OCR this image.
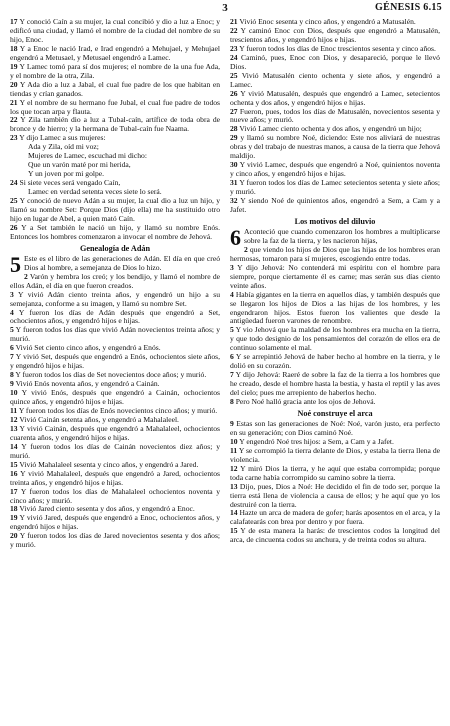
3	GÉNESIS 6.15

17 Y conoció Caín a su mujer, la cual concibió y dio a luz a Enoc; y edificó una ciudad, y llamó el nombre de la ciudad del nombre de su hijo, Enoc.

18 Y a Enoc le nació Irad, e Irad engendró a Mehujael, y Mehujael engendró a Metusael, y Metusael engendró a Lamec.

19 Y Lamec tomó para sí dos mujeres; el nombre de la una fue Ada, y el nombre de la otra, Zila.

20 Y Ada dio a luz a Jabal, el cual fue padre de los que habitan en tiendas y crían ganados.

21 Y el nombre de su hermano fue Jubal, el cual fue padre de todos los que tocan arpa y flauta.

22 Y Zila también dio a luz a Tubal-caín, artífice de toda obra de bronce y de hierro; y la hermana de Tubal-caín fue Naama.

23 Y dijo Lamec a sus mujeres:

Ada y Zila, oíd mi voz;
Mujeres de Lamec, escuchad mi dicho:
Que un varón maté por mi herida,
Y un joven por mi golpe.
24 Si siete veces será vengado Caín,
Lamec en verdad setenta veces siete lo será.

25 Y conoció de nuevo Adán a su mujer, la cual dio a luz un hijo, y llamó su nombre Set: Porque Dios (dijo ella) me ha sustituido otro hijo en lugar de Abel, a quien mató Caín.

26 Y a Set también le nació un hijo, y llamó su nombre Enós. Entonces los hombres comenzaron a invocar el nombre de Jehová.

Genealogía de Adán

5 Este es el libro de las generaciones de Adán. El día en que creó Dios al hombre, a semejanza de Dios lo hizo.

2 Varón y hembra los creó; y los bendijo, y llamó el nombre de ellos Adán, el día en que fueron creados.

3 Y vivió Adán ciento treinta años, y engendró un hijo a su semejanza, conforme a su imagen, y llamó su nombre Set.

4 Y fueron los días de Adán después que engendró a Set, ochocientos años, y engendró hijos e hijas.

5 Y fueron todos los días que vivió Adán novecientos treinta años; y murió.

6 Vivió Set ciento cinco años, y engendró a Enós.

7 Y vivió Set, después que engendró a Enós, ochocientos siete años, y engendró hijos e hijas.

8 Y fueron todos los días de Set novecientos doce años; y murió.

9 Vivió Enós noventa años, y engendró a Cainán.

10 Y vivió Enós, después que engendró a Cainán, ochocientos quince años, y engendró hijos e hijas.

11 Y fueron todos los días de Enós novecientos cinco años; y murió.

12 Vivió Cainán setenta años, y engendró a Mahalaleel.

13 Y vivió Cainán, después que engendró a Mahalaleel, ochocientos cuarenta años, y engendró hijos e hijas.

14 Y fueron todos los días de Cainán novecientos diez años; y murió.

15 Vivió Mahalaleel sesenta y cinco años, y engendró a Jared.

16 Y vivió Mahalaleel, después que engendró a Jared, ochocientos treinta años, y engendró hijos e hijas.

17 Y fueron todos los días de Mahalaleel ochocientos noventa y cinco años; y murió.

18 Vivió Jared ciento sesenta y dos años, y engendró a Enoc.

19 Y vivió Jared, después que engendró a Enoc, ochocientos años, y engendró hijos e hijas.

20 Y fueron todos los días de Jared novecientos sesenta y dos años; y murió.

21 Vivió Enoc sesenta y cinco años, y engendró a Matusalén.

22 Y caminó Enoc con Dios, después que engendró a Matusalén, trescientos años, y engendró hijos e hijas.

23 Y fueron todos los días de Enoc trescientos sesenta y cinco años.

24 Caminó, pues, Enoc con Dios, y desapareció, porque le llevó Dios.

25 Vivió Matusalén ciento ochenta y siete años, y engendró a Lamec.

26 Y vivió Matusalén, después que engendró a Lamec, setecientos ochenta y dos años, y engendró hijos e hijas.

27 Fueron, pues, todos los días de Matusalén, novecientos sesenta y nueve años; y murió.

28 Vivió Lamec ciento ochenta y dos años, y engendró un hijo;

29 y llamó su nombre Noé, diciendo: Este nos aliviará de nuestras obras y del trabajo de nuestras manos, a causa de la tierra que Jehová maldijo.

30 Y vivió Lamec, después que engendró a Noé, quinientos noventa y cinco años, y engendró hijos e hijas.

31 Y fueron todos los días de Lamec setecientos setenta y siete años; y murió.

32 Y siendo Noé de quinientos años, engendró a Sem, a Cam y a Jafet.

Los motivos del diluvio

6 Aconteció que cuando comenzaron los hombres a multiplicarse sobre la faz de la tierra, y les nacieron hijas,

2 que viendo los hijos de Dios que las hijas de los hombres eran hermosas, tomaron para sí mujeres, escogiendo entre todas.

3 Y dijo Jehová: No contenderá mi espíritu con el hombre para siempre, porque ciertamente él es carne; mas serán sus días ciento veinte años.

4 Había gigantes en la tierra en aquellos días, y también después que se llegaron los hijos de Dios a las hijas de los hombres, y les engendraron hijos. Estos fueron los valientes que desde la antigüedad fueron varones de renombre.

5 Y vio Jehová que la maldad de los hombres era mucha en la tierra, y que todo designio de los pensamientos del corazón de ellos era de continuo solamente el mal.

6 Y se arrepintió Jehová de haber hecho al hombre en la tierra, y le dolió en su corazón.

7 Y dijo Jehová: Raeré de sobre la faz de la tierra a los hombres que he creado, desde el hombre hasta la bestia, y hasta el reptil y las aves del cielo; pues me arrepiento de haberlos hecho.

8 Pero Noé halló gracia ante los ojos de Jehová.

Noé construye el arca

9 Estas son las generaciones de Noé: Noé, varón justo, era perfecto en su generación; con Dios caminó Noé.

10 Y engendró Noé tres hijos: a Sem, a Cam y a Jafet.

11 Y se corrompió la tierra delante de Dios, y estaba la tierra llena de violencia.

12 Y miró Dios la tierra, y he aquí que estaba corrompida; porque toda carne había corrompido su camino sobre la tierra.

13 Dijo, pues, Dios a Noé: He decidido el fin de todo ser, porque la tierra está llena de violencia a causa de ellos; y he aquí que yo los destruiré con la tierra.

14 Hazte un arca de madera de gofer; harás aposentos en el arca, y la calafatearás con brea por dentro y por fuera.

15 Y de esta manera la harás: de trescientos codos la longitud del arca, de cincuenta codos su anchura, y de treinta codos su altura.
